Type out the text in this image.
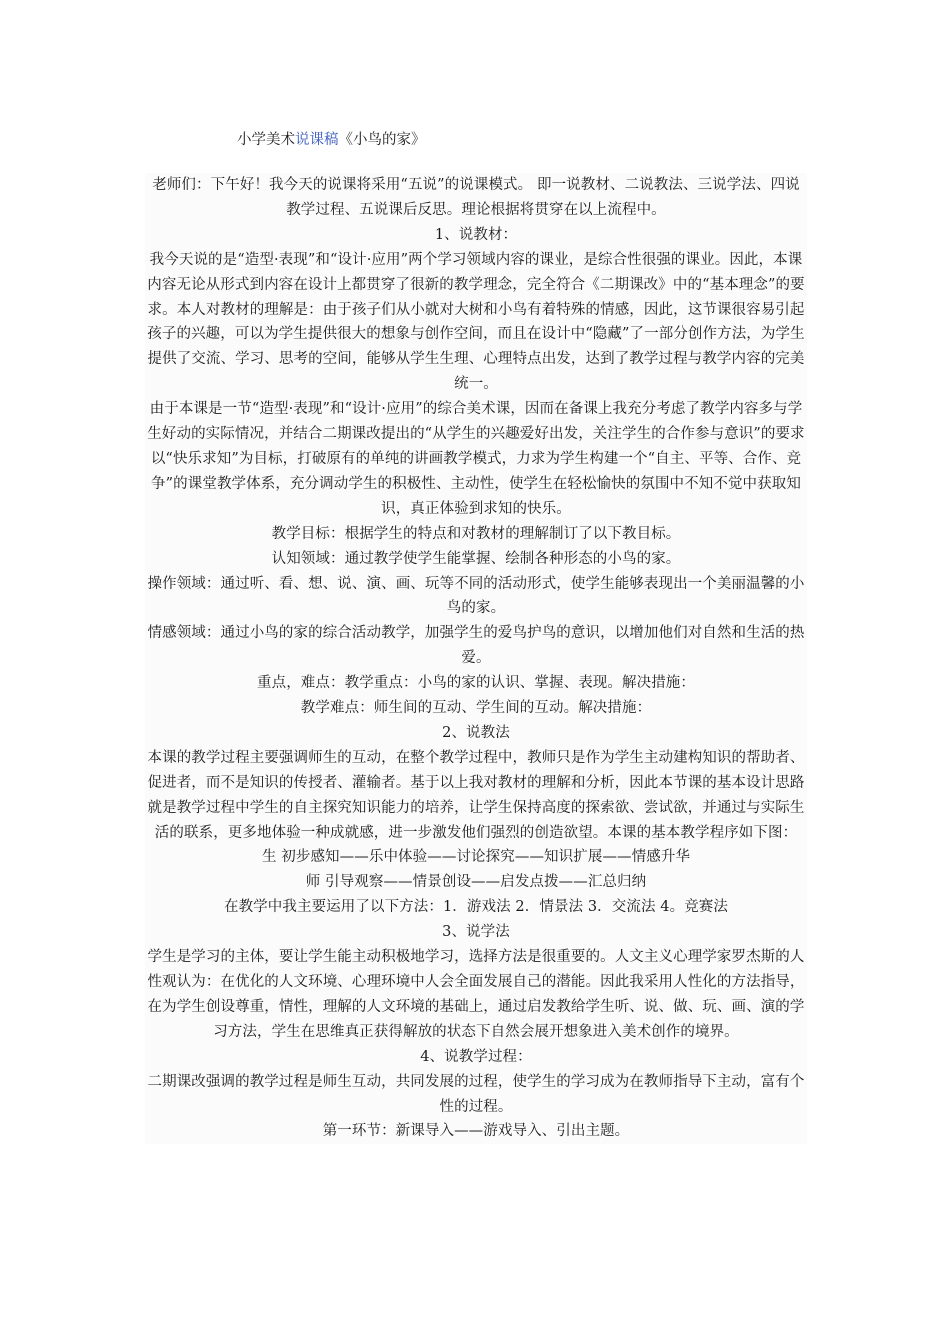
小学美术说课稿《小鸟的家》

老师们：下午好！我今天的说课将采用“五说”的说课模式。 即一说教材、二说教法、三说学法、四说教学过程、五说课后反思。理论根据将贯穿在以上流程中。

1、说教材：

我今天说的是“造型·表现”和“设计·应用”两个学习领域内容的课业，是综合性很强的课业。因此，本课内容无论从形式到内容在设计上都贯穿了很新的教学理念，完全符合《二期课改》中的“基本理念”的要求。本人对教材的理解是：由于孩子们从小就对大树和小鸟有着特殊的情感，因此，这节课很容易引起孩子的兴趣，可以为学生提供很大的想象与创作空间，而且在设计中“隐藏”了一部分创作方法，为学生提供了交流、学习、思考的空间，能够从学生生理、心理特点出发，达到了教学过程与教学内容的完美统一。

由于本课是一节“造型·表现”和“设计·应用”的综合美术课，因而在备课上我充分考虑了教学内容多与学生好动的实际情况，并结合二期课改提出的“从学生的兴趣爱好出发，关注学生的合作参与意识”的要求以“快乐求知”为目标，打破原有的单纯的讲画教学模式，力求为学生构建一个“自主、平等、合作、竞争”的课堂教学体系，充分调动学生的积极性、主动性，使学生在轻松愉快的氛围中不知不觉中获取知识，真正体验到求知的快乐。

教学目标：根据学生的特点和对教材的理解制订了以下教目标。

认知领域：通过教学使学生能掌握、绘制各种形态的小鸟的家。

操作领域：通过听、看、想、说、演、画、玩等不同的活动形式，使学生能够表现出一个美丽温馨的小鸟的家。

情感领域：通过小鸟的家的综合活动教学，加强学生的爱鸟护鸟的意识，以增加他们对自然和生活的热爱。

重点，难点：教学重点：小鸟的家的认识、掌握、表现。解决措施：

教学难点：师生间的互动、学生间的互动。解决措施：

2、说教法

本课的教学过程主要强调师生的互动，在整个教学过程中，教师只是作为学生主动建构知识的帮助者、促进者，而不是知识的传授者、灌输者。基于以上我对教材的理解和分析，因此本节课的基本设计思路就是教学过程中学生的自主探究知识能力的培养，让学生保持高度的探索欲、尝试欲，并通过与实际生活的联系，更多地体验一种成就感，进一步激发他们强烈的创造欲望。本课的基本教学程序如下图：

生 初步感知——乐中体验——讨论探究——知识扩展——情感升华

师 引导观察——情景创设——启发点拨——汇总归纳

在教学中我主要运用了以下方法：1．游戏法 2．情景法 3．交流法 4。竞赛法

3、说学法

学生是学习的主体，要让学生能主动积极地学习，选择方法是很重要的。人文主义心理学家罗杰斯的人性观认为：在优化的人文环境、心理环境中人会全面发展自己的潜能。因此我采用人性化的方法指导，在为学生创设尊重，情性，理解的人文环境的基础上，通过启发教给学生听、说、做、玩、画、演的学习方法，学生在思维真正获得解放的状态下自然会展开想象进入美术创作的境界。

4、说教学过程：

二期课改强调的教学过程是师生互动，共同发展的过程，使学生的学习成为在教师指导下主动，富有个性的过程。

第一环节：新课导入——游戏导入、引出主题。
